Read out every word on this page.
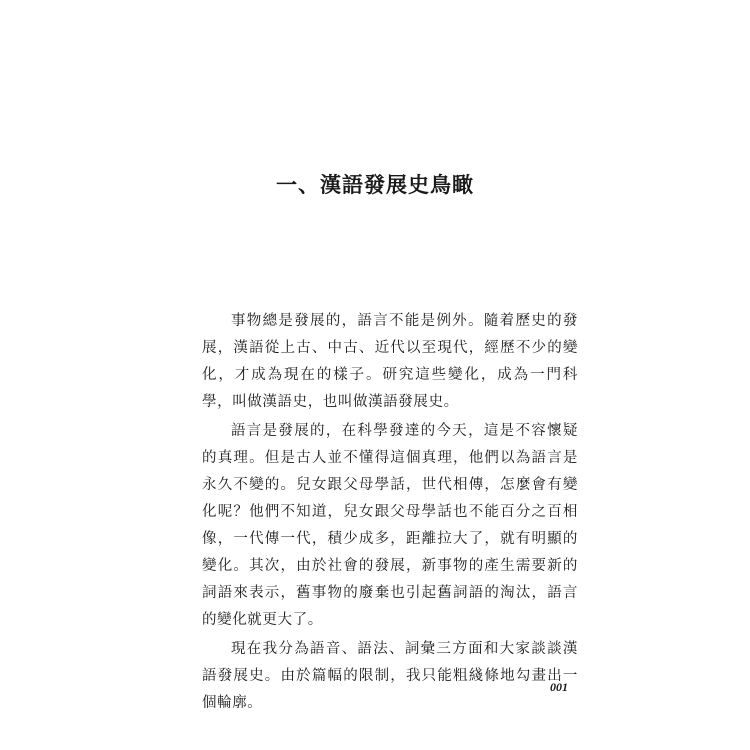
一、漢語發展史鳥瞰

事物總是發展的，語言不能是例外。隨着歷史的發展，漢語從上古、中古、近代以至現代，經歷不少的變化，才成為現在的樣子。研究這些變化，成為一門科學，叫做漢語史，也叫做漢語發展史。

語言是發展的，在科學發達的今天，這是不容懷疑的真理。但是古人並不懂得這個真理，他們以為語言是永久不變的。兒女跟父母學話，世代相傳，怎麼會有變化呢？他們不知道，兒女跟父母學話也不能百分之百相像，一代傳一代，積少成多，距離拉大了，就有明顯的變化。其次，由於社會的發展，新事物的產生需要新的詞語來表示，舊事物的廢棄也引起舊詞語的淘汰，語言的變化就更大了。

現在我分為語音、語法、詞彙三方面和大家談談漢語發展史。由於篇幅的限制，我只能粗綫條地勾畫出一個輪廓。

001
